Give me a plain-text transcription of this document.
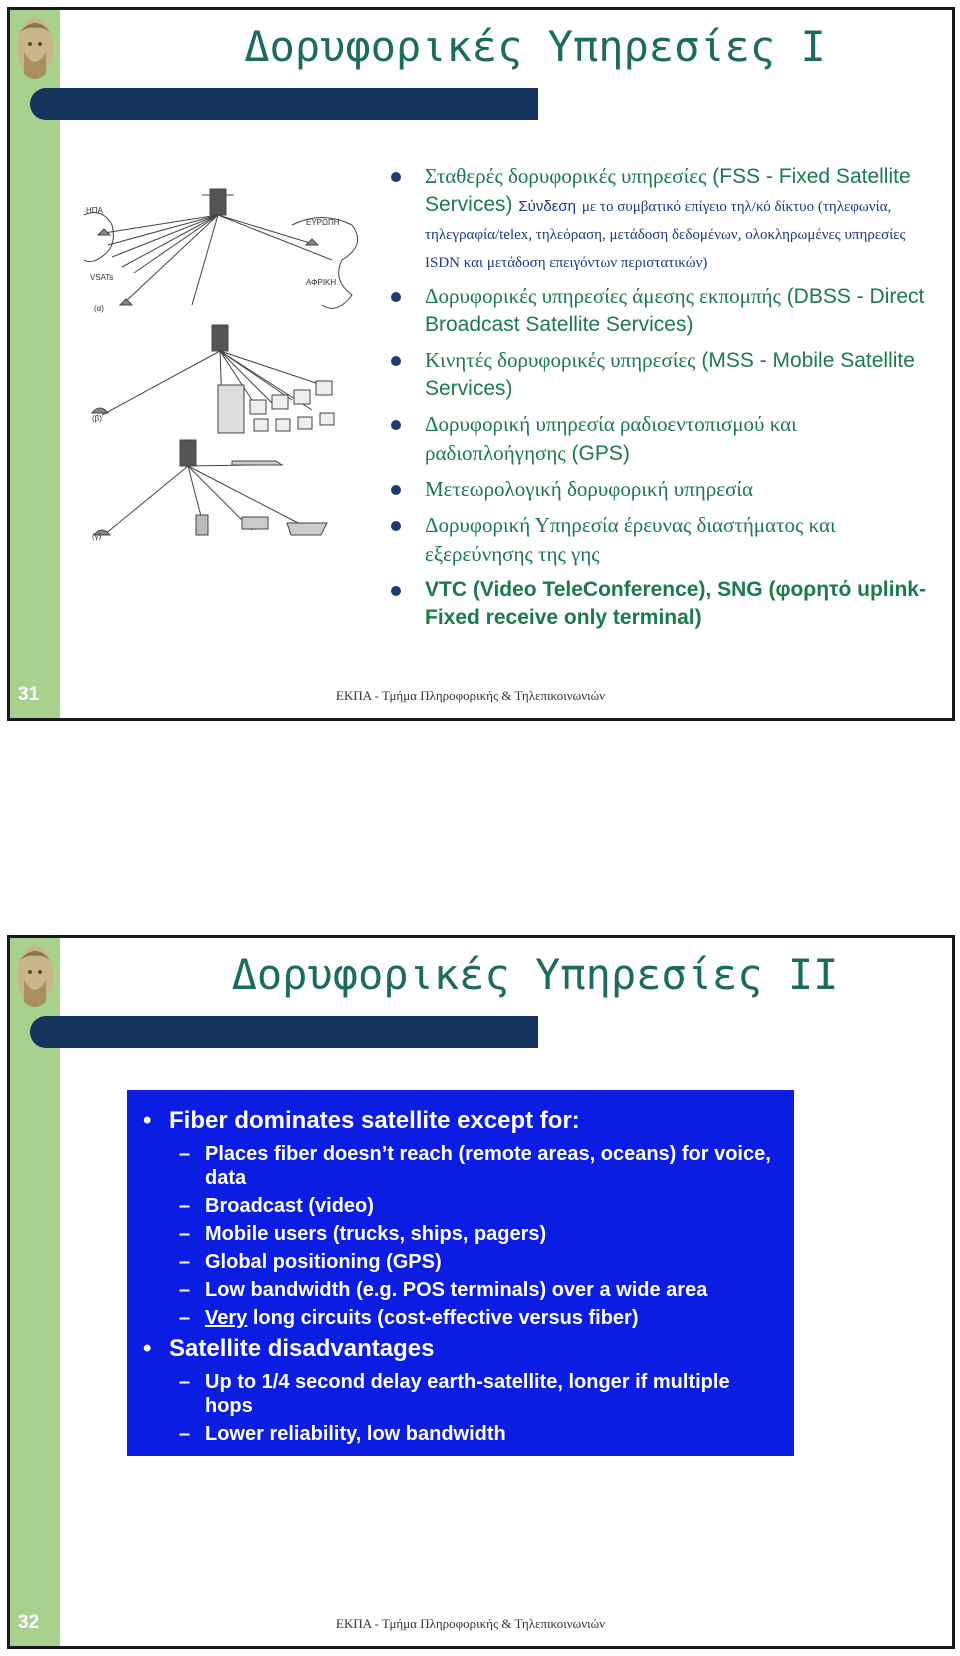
Δορυφορικές Υπηρεσίες Ι
ΗΠΑ
ΕΥΡΩΠΗ
ΑΦΡΙΚΗ
VSATs
(α)
(β)
(γ)
Σταθερές δορυφορικές υπηρεσίες (FSS - Fixed Satellite Services) Σύνδεση με το συμβατικό επίγειο τηλ/κό δίκτυο (τηλεφωνία, τηλεγραφία/telex, τηλεόραση, μετάδοση δεδομένων, ολοκληρωμένες υπηρεσίες ISDN και μετάδοση επειγόντων περιστατικών)
Δορυφορικές υπηρεσίες άμεσης εκπομπής (DBSS - Direct Broadcast Satellite Services)
Κινητές δορυφορικές υπηρεσίες (MSS - Mobile Satellite Services)
Δορυφορική υπηρεσία ραδιοεντοπισμού και ραδιοπλοήγησης (GPS)
Μετεωρολογική δορυφορική υπηρεσία
Δορυφορική Υπηρεσία έρευνας διαστήματος και εξερεύνησης της γης
VTC (Video TeleConference), SNG (φορητό uplink- Fixed receive only terminal)
31	ΕΚΠΑ - Τμήμα Πληροφορικής & Τηλεπικοινωνιών
Δορυφορικές Υπηρεσίες ΙΙ
• Fiber dominates satellite except for:
– Places fiber doesn’t reach (remote areas, oceans) for voice, data
– Broadcast (video)
– Mobile users (trucks, ships, pagers)
– Global positioning (GPS)
– Low bandwidth (e.g. POS terminals) over a wide area
– Very long circuits (cost-effective versus fiber)
• Satellite disadvantages
– Up to 1/4 second delay earth-satellite, longer if multiple hops
– Lower reliability, low bandwidth
32	ΕΚΠΑ - Τμήμα Πληροφορικής & Τηλεπικοινωνιών
